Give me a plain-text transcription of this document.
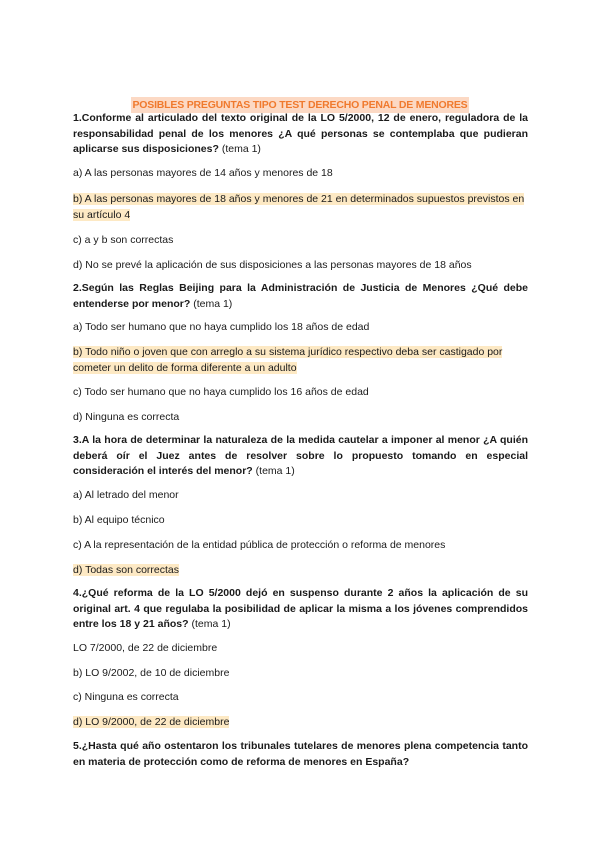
POSIBLES PREGUNTAS TIPO TEST DERECHO PENAL DE MENORES
1.Conforme al articulado del texto original de la LO 5/2000, 12 de enero, reguladora de la responsabilidad penal de los menores ¿A qué personas se contemplaba que pudieran aplicarse sus disposiciones? (tema 1)
a) A las personas mayores de 14 años y menores de 18
b) A las personas mayores de 18 años y menores de 21 en determinados supuestos previstos en su artículo 4
c) a y b son correctas
d) No se prevé la aplicación de sus disposiciones a las personas mayores de 18 años
2.Según las Reglas Beijing para la Administración de Justicia de Menores ¿Qué debe entenderse por menor? (tema 1)
a) Todo ser humano que no haya cumplido los 18 años de edad
b) Todo niño o joven que con arreglo a su sistema jurídico respectivo deba ser castigado por cometer un delito de forma diferente a un adulto
c) Todo ser humano que no haya cumplido los 16 años de edad
d) Ninguna es correcta
3.A la hora de determinar la naturaleza de la medida cautelar a imponer al menor ¿A quién deberá oír el Juez antes de resolver sobre lo propuesto tomando en especial consideración el interés del menor? (tema 1)
a) Al letrado del menor
b) Al equipo técnico
c) A la representación de la entidad pública de protección o reforma de menores
d) Todas son correctas
4.¿Qué reforma de la LO 5/2000 dejó en suspenso durante 2 años la aplicación de su original art. 4 que regulaba la posibilidad de aplicar la misma a los jóvenes comprendidos entre los 18 y 21 años? (tema 1)
LO 7/2000, de 22 de diciembre
b) LO 9/2002, de 10 de diciembre
c) Ninguna es correcta
d) LO 9/2000, de 22 de diciembre
5.¿Hasta qué año ostentaron los tribunales tutelares de menores plena competencia tanto en materia de protección como de reforma de menores en España?
